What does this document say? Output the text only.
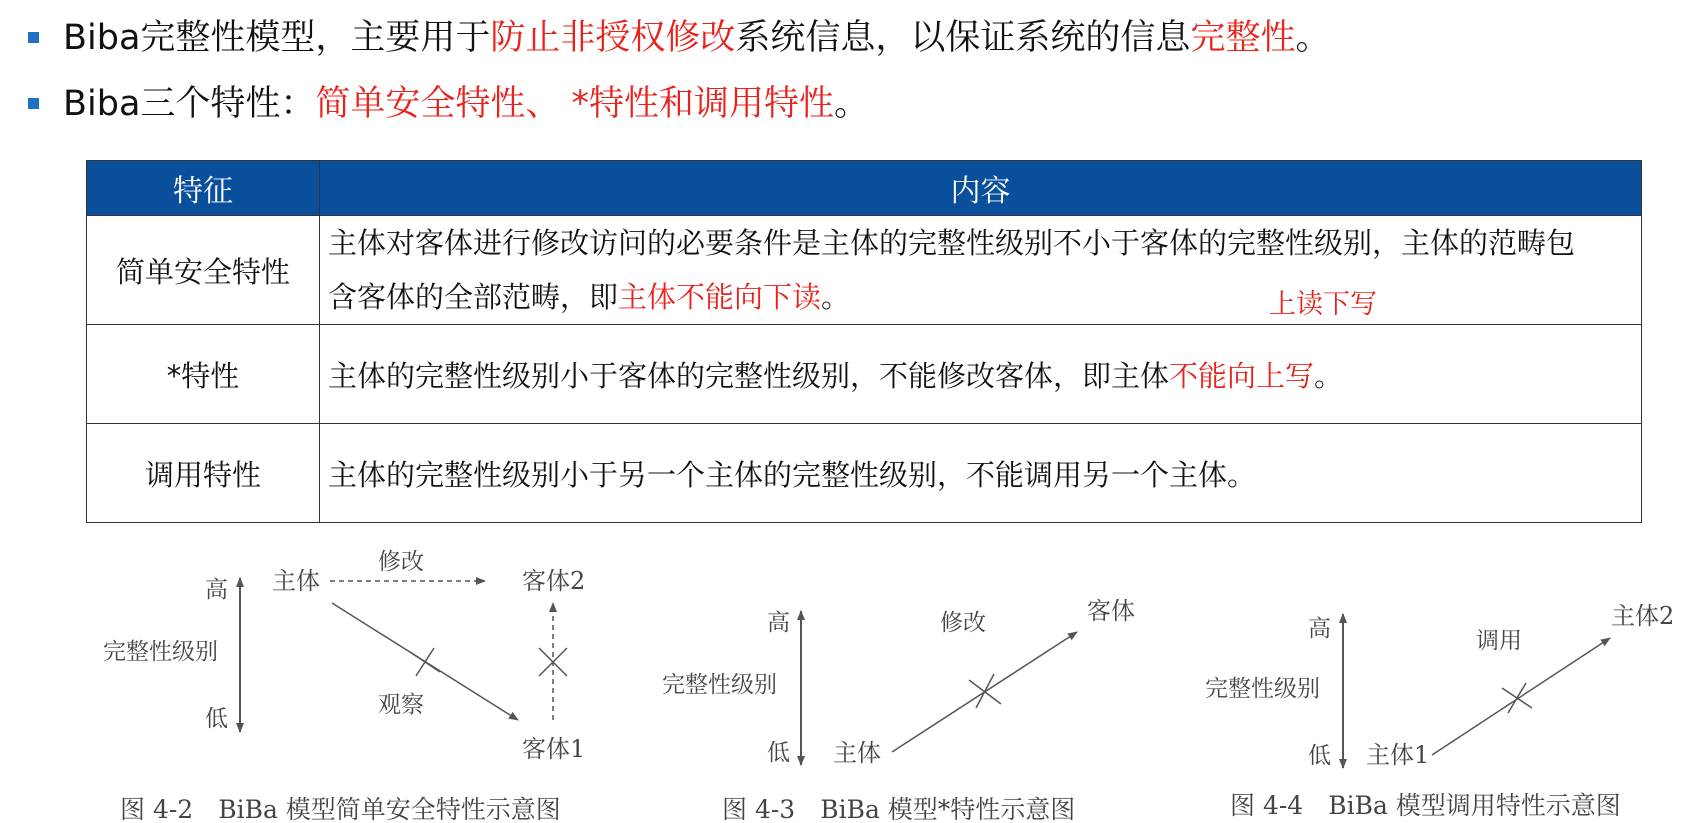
Biba完整性模型，主要用于 防止非授权修改 系统信息，以保证系统的信息 完整性 。
Biba三个特性： 简单安全特性、 *特性和调用特性 。
特征	内容
简单安全特性	主体对客体进行修改访问的必要条件是主体的完整性级别不小于客体的完整性级别，主体的范畴包
含客体的全部范畴，即主体不能向下读。

*特性	主体的完整性级别小于客体的完整性级别，不能修改客体，即主体不能向上写。
调用特性	主体的完整性级别小于另一个主体的完整性级别，不能调用另一个主体。
上读下写
高
完整性级别
低
主体
修改
客体2
观察
客体1
图 4-2　BiBa 模型简单安全特性示意图
高
完整性级别
低
修改	客体
主体
图 4-3　BiBa 模型*特性示意图
高
完整性级别
低
调用
主体2
主体1
图 4-4　BiBa 模型调用特性示意图
